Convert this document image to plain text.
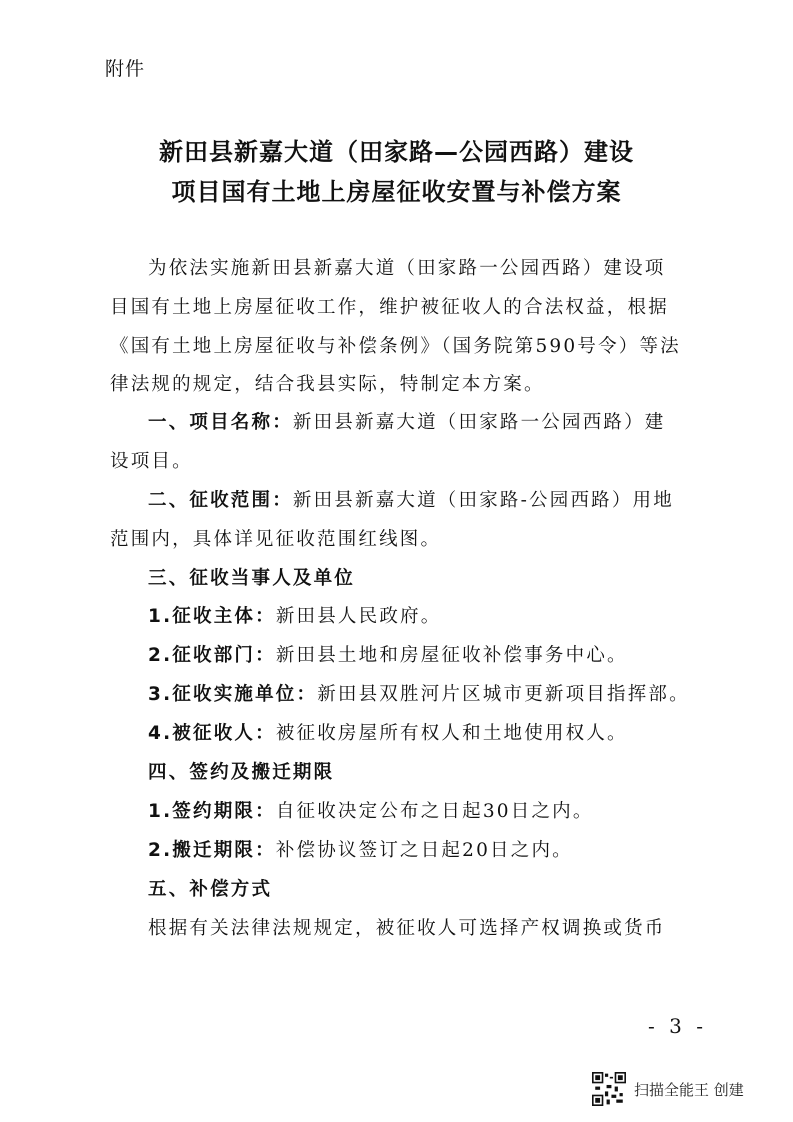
附件
新田县新嘉大道（田家路—公园西路）建设
项目国有土地上房屋征收安置与补偿方案
为依法实施新田县新嘉大道（田家路一公园西路）建设项
目国有土地上房屋征收工作，维护被征收人的合法权益，根据
《国有土地上房屋征收与补偿条例》（国务院第590号令）等法
律法规的规定，结合我县实际，特制定本方案。
一、项目名称：新田县新嘉大道（田家路一公园西路）建
设项目。
二、征收范围：新田县新嘉大道（田家路-公园西路）用地
范围内，具体详见征收范围红线图。
三、征收当事人及单位
1.征收主体：新田县人民政府。
2.征收部门：新田县土地和房屋征收补偿事务中心。
3.征收实施单位：新田县双胜河片区城市更新项目指挥部。
4.被征收人：被征收房屋所有权人和土地使用权人。
四、签约及搬迁期限
1.签约期限：自征收决定公布之日起30日之内。
2.搬迁期限：补偿协议签订之日起20日之内。
五、补偿方式
根据有关法律法规规定，被征收人可选择产权调换或货币
- 3 -
扫描全能王 创建
